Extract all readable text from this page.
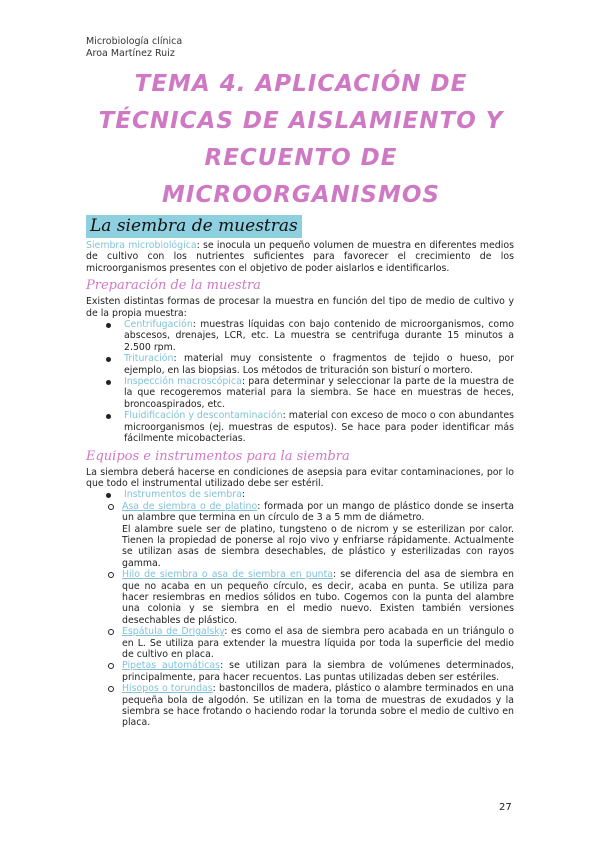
Microbiología clínica
Aroa Martínez Ruiz
TEMA 4. APLICACIÓN DE
TÉCNICAS DE AISLAMIENTO Y
RECUENTO DE
MICROORGANISMOS
La siembra de muestras

Siembra microbiológica: se inocula un pequeño volumen de muestra en diferentes medios de cultivo con los nutrientes suficientes para favorecer el crecimiento de los microorganismos presentes con el objetivo de poder aislarlos e identificarlos.

Preparación de la muestra

Existen distintas formas de procesar la muestra en función del tipo de medio de cultivo y de la propia muestra:

Centrifugación: muestras líquidas con bajo contenido de microorganismos, como abscesos, drenajes, LCR, etc. La muestra se centrifuga durante 15 minutos a 2.500 rpm.
Trituración: material muy consistente o fragmentos de tejido o hueso, por ejemplo, en las biopsias. Los métodos de trituración son bisturí o mortero.
Inspección macroscópica: para determinar y seleccionar la parte de la muestra de la que recogeremos material para la siembra. Se hace en muestras de heces, broncoaspirados, etc.
Fluidificación y descontaminación: material con exceso de moco o con abundantes microorganismos (ej. muestras de esputos). Se hace para poder identificar más fácilmente micobacterias.
Equipos e instrumentos para la siembra

La siembra deberá hacerse en condiciones de asepsia para evitar contaminaciones, por lo que todo el instrumental utilizado debe ser estéril.

Instrumentos de siembra:
Asa de siembra o de platino: formada por un mango de plástico donde se inserta un alambre que termina en un círculo de 3 a 5 mm de diámetro.
El alambre suele ser de platino, tungsteno o de nicrom y se esterilizan por calor. Tienen la propiedad de ponerse al rojo vivo y enfriarse rápidamente. Actualmente se utilizan asas de siembra desechables, de plástico y esterilizadas con rayos gamma.
Hilo de siembra o asa de siembra en punta: se diferencia del asa de siembra en que no acaba en un pequeño círculo, es decir, acaba en punta. Se utiliza para hacer resiembras en medios sólidos en tubo. Cogemos con la punta del alambre una colonia y se siembra en el medio nuevo. Existen también versiones desechables de plástico.
Espátula de Drigalsky: es como el asa de siembra pero acabada en un triángulo o en L. Se utiliza para extender la muestra líquida por toda la superficie del medio de cultivo en placa.
Pipetas automáticas: se utilizan para la siembra de volúmenes determinados, principalmente, para hacer recuentos. Las puntas utilizadas deben ser estériles.
Hisopos o torundas: bastoncillos de madera, plástico o alambre terminados en una pequeña bola de algodón. Se utilizan en la toma de muestras de exudados y la siembra se hace frotando o haciendo rodar la torunda sobre el medio de cultivo en placa.
27
